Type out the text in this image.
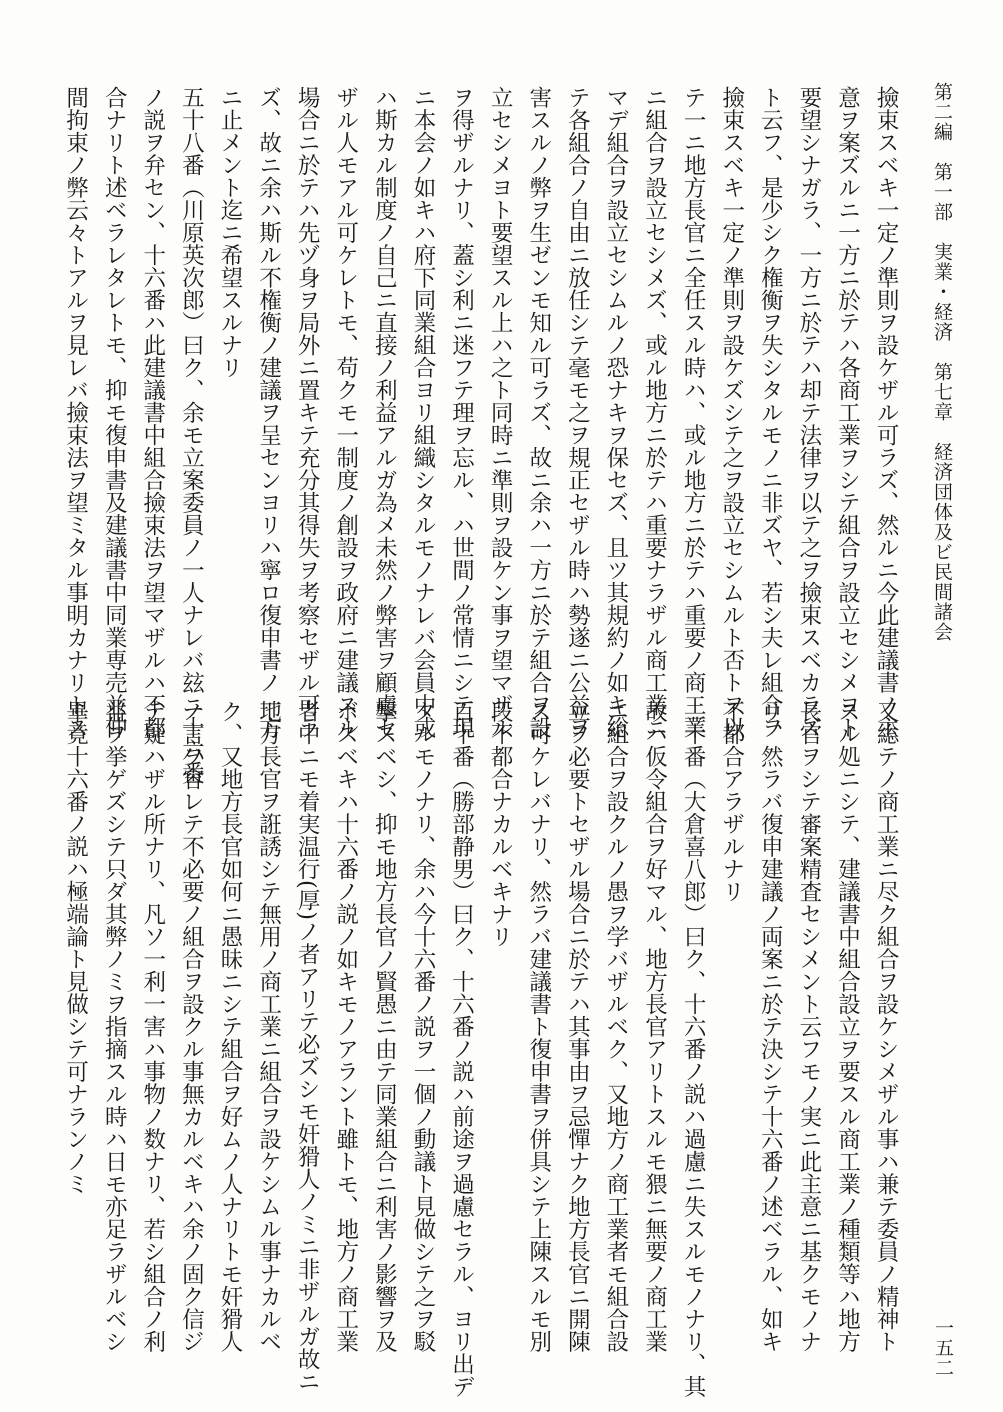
第二編　第一部　実業・経済　第七章　経済団体及ビ民間諸会
一五二
撿束スベキ一定ノ準則ヲ設ケザル可ラズ、然ルニ今此建議書ノ主
意ヲ案ズルニ一方ニ於テハ各商工業ヲシテ組合ヲ設立セシメヨト
要望シナガラ、一方ニ於テハ却テ法律ヲ以テ之ヲ撿束スベカラズ
ト云フ、是少シク権衡ヲ失シタルモノニ非ズヤ、若シ夫レ組合ヲ
撿束スベキ一定ノ準則ヲ設ケズシテ之ヲ設立セシムルト否トヲ以
テ一ニ地方長官ニ全任スル時ハ、或ル地方ニ於テハ重要ノ商工業
ニ組合ヲ設立セシメズ、或ル地方ニ於テハ重要ナラザル商工業ニ
マデ組合ヲ設立セシムルノ恐ナキヲ保セズ、且ツ其規約ノ如キ総
テ各組合ノ自由ニ放任シテ毫モ之ヲ規正セザル時ハ勢遂ニ公益ヲ
害スルノ弊ヲ生ゼンモ知ル可ラズ、故ニ余ハ一方ニ於テ組合ヲ設
立セシメヨト要望スル上ハ之ト同時ニ準則ヲ設ケン事ヲ望マザル
ヲ得ザルナリ、蓋シ利ニ迷フテ理ヲ忘ル、ハ世間ノ常情ニシテ現
ニ本会ノ如キハ府下同業組合ヨリ組織シタルモノナレバ会員中或
ハ斯カル制度ノ自己ニ直接ノ利益アルガ為メ未然ノ弊害ヲ顧慮セ
ザル人モアル可ケレトモ、苟クモ一制度ノ創設ヲ政府ニ建議スル
場合ニ於テハ先ヅ身ヲ局外ニ置キテ充分其得失ヲ考察セザル可ラ
ズ、故ニ余ハ斯ル不権衡ノ建議ヲ呈センヨリハ寧ロ復申書ノ一方
ニ止メント迄ニ希望スルナリ
五十八番（川原英次郎）曰ク、余モ立案委員ノ一人ナレバ玆ニ十六番
ノ説ヲ弁セン、十六番ハ此建議書中組合撿束法ヲ望マザルハ不都
合ナリト述ベラレタレトモ、抑モ復申書及建議書中同業専売並仲
間拘束ノ弊云々トアルヲ見レバ撿束法ヲ望ミタル事明カナリトス
又総テノ商工業ニ尽ク組合ヲ設ケシメザル事ハ兼テ委員ノ精神ト
スル処ニシテ、建議書中組合設立ヲ要スル商工業ノ種類等ハ地方
長官ヲシテ審案精査セシメント云フモノ実ニ此主意ニ基クモノナ
リ、然ラバ復申建議ノ両案ニ於テ決シテ十六番ノ述ベラル、如キ
不都合アラザルナリ
二十番（大倉喜八郎）曰ク、十六番ノ説ハ過慮ニ失スルモノナリ、其
故ハ仮令組合ヲ好マル、地方長官アリトスルモ猥ニ無要ノ商工業
ニ組合ヲ設クルノ愚ヲ学バザルベク、又地方ノ商工業者モ組合設
立ヲ必要トセザル場合ニ於テハ其事由ヲ忌憚ナク地方長官ニ開陳
ス可ケレバナリ、然ラバ建議書ト復申書ヲ併具シテ上陳スルモ別
段不都合ナカルベキナリ
百十番（勝部静男）曰ク、十六番ノ説ハ前途ヲ過慮セラル、ヨリ出デ
タルモノナリ、余ハ今十六番ノ説ヲ一個ノ動議ト見做シテ之ヲ駁
撃スベシ、抑モ地方長官ノ賢愚ニ由テ同業組合ニ利害ノ影響ヲ及
ボスベキハ十六番ノ説ノ如キモノアラント雖トモ、地方ノ商工業
者中ニモ着実温行(厚)ノ者アリテ必ズシモ奸猾人ノミニ非ザルガ故ニ
地方長官ヲ誑誘シテ無用ノ商工業ニ組合ヲ設ケシムル事ナカルベ
ク、又地方長官如何ニ愚昧ニシテ組合ヲ好ムノ人ナリトモ奸猾人
ノ言ヲ容レテ不必要ノ組合ヲ設クル事無カルベキハ余ノ固ク信ジ
テ疑ハザル所ナリ、凡ソ一利一害ハ事物ノ数ナリ、若シ組合ノ利
益ヲ挙ゲズシテ只ダ其弊ノミヲ指摘スル時ハ日モ亦足ラザルベシ
畢竟十六番ノ説ハ極端論ト見做シテ可ナランノミ
